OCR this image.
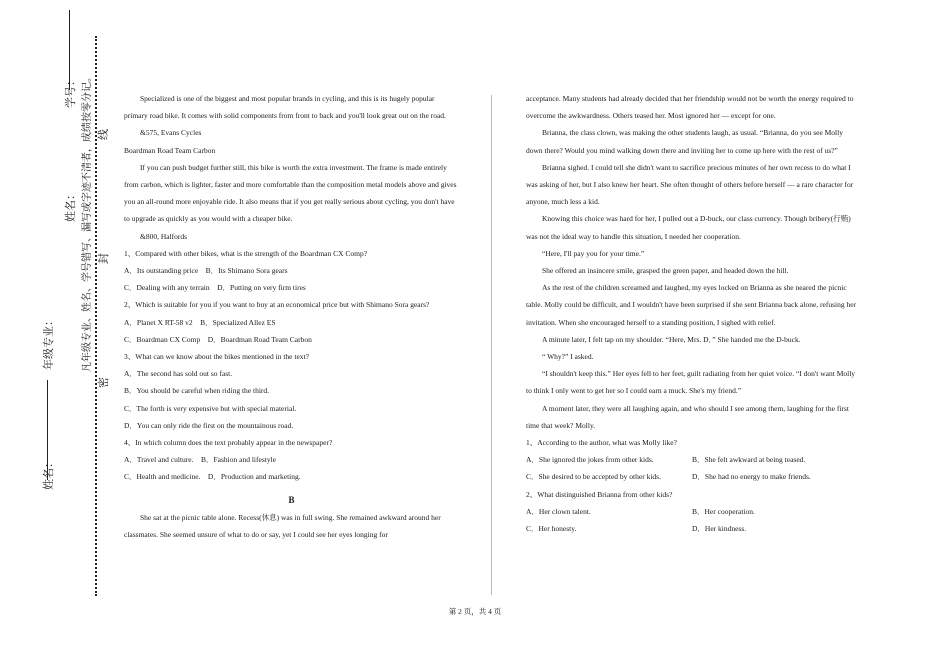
姓名：
年级专业：
姓名：
学号： 凡年级专业、姓名、学号错写、漏写或字迹不清者，成绩按零分记。
密
封
线

Specialized is one of the biggest and most popular brands in cycling, and this is its hugely popular primary road bike. It comes with solid components from front to back and you'll look great out on the road.

&575, Evans Cycles

Boardman Road Team Carbon

If you can push budget further still, this bike is worth the extra investment. The frame is made entirely from carbon, which is lighter, faster and more comfortable than the composition metal models above and gives you an all-round more enjoyable ride. It also means that if you get really serious about cycling, you don't have to upgrade as quickly as you would with a cheaper bike.

&800, Halfords

1、Compared with other bikes, what is the strength of the Boardman CX Comp?

A．Its outstanding price    B．Its Shimano Sora gears

C．Dealing with any terrain    D．Putting on very firm tires

2、Which is suitable for you if you want to buy at an economical price but with Shimano Sora gears?

A．Planet X RT-58 v2    B．Specialized Allez ES

C．Boardman CX Comp    D．Boardman Road Team Carbon

3、What can we know about the bikes mentioned in the text?

A．The second has sold out so fast.

B．You should be careful when riding the third.

C．The forth is very expensive but with special material.

D．You can only ride the first on the mountainous road.

4、In which column does the text probably appear in the newspaper?

A．Travel and culture.    B．Fashion and lifestyle

C．Health and medicine.    D．Production and marketing.

B

She sat at the picnic table alone. Recess(休息) was in full swing. She remained awkward around her classmates. She seemed unsure of what to do or say, yet I could see her eyes longing for

acceptance. Many students had already decided that her friendship would not be worth the energy required to overcome the awkwardness. Others teased her. Most ignored her — except for one.

Brianna, the class clown, was making the other students laugh, as usual. “Brianna, do you see Molly down there? Would you mind walking down there and inviting her to come up here with the rest of us?”

Brianna sighed. I could tell she didn't want to sacrifice precious minutes of her own recess to do what I was asking of her, but I also knew her heart. She often thought of others before herself — a rare character for anyone, much less a kid.

Knowing this choice was hard for her, I pulled out a D-buck, our class currency. Though bribery(行贿) was not the ideal way to handle this situation, I needed her cooperation.

“Here, I'll pay you for your time.”

She offered an insincere smile, grasped the green paper, and headed down the hill.

As the rest of the children screamed and laughed, my eyes locked on Brianna as she neared the picnic table. Molly could be difficult, and I wouldn't have been surprised if she sent Brianna back alone, refusing her invitation. When she encouraged herself to a standing position, I sighed with relief.

A minute later, I felt tap on my shoulder. “Here, Mrs. D．” She handed me the D-buck.

“ Why?” I asked.

“I shouldn't keep this.” Her eyes fell to her feet, guilt radiating from her quiet voice. “I don't want Molly to think I only went to get her so I could earn a muck. She's my friend.”

A moment later, they were all laughing again, and who should I see among them, laughing for the first time that week? Molly.

1、According to the author, what was Molly like?

A．She ignored the jokes from other kids.	B．She felt awkward at being teased.
C．She desired to be accepted by other kids.	D．She had no energy to make friends.

2、What distinguished Brianna from other kids?

A．Her clown talent.	B．Her cooperation.
C．Her honesty.	D．Her kindness.
第 2 页，共 4 页
